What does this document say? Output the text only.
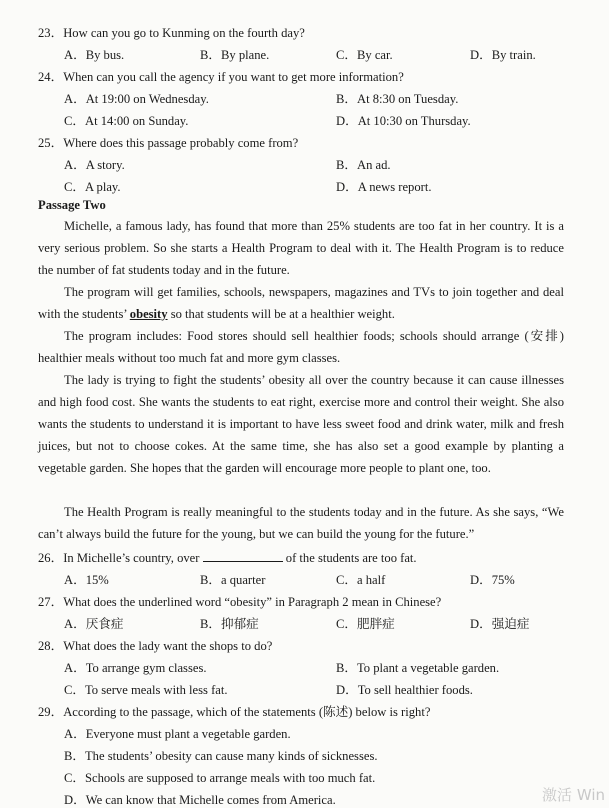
23．How can you go to Kunming on the fourth day?
A．By bus.	B．By plane.	C．By car.	D．By train.
24．When can you call the agency if you want to get more information?
A．At 19:00 on Wednesday.	B．At 8:30 on Tuesday.
C．At 14:00 on Sunday.	D．At 10:30 on Thursday.
25．Where does this passage probably come from?
A．A story.	B．An ad.
C．A play.	D．A news report.
Passage Two

Michelle, a famous lady, has found that more than 25% students are too fat in her country. It is a very serious problem. So she starts a Health Program to deal with it. The Health Program is to reduce the number of fat students today and in the future.

The program will get families, schools, newspapers, magazines and TVs to join together and deal with the students’ obesity so that students will be at a healthier weight.

The program includes: Food stores should sell healthier foods; schools should arrange (安排) healthier meals without too much fat and more gym classes.

The lady is trying to fight the students’ obesity all over the country because it can cause illnesses and high food cost. She wants the students to eat right, exercise more and control their weight. She also wants the students to understand it is important to have less sweet food and drink water, milk and fresh juices, but not to choose cokes. At the same time, she has also set a good example by planting a vegetable garden. She hopes that the garden will encourage more people to plant one, too.

The Health Program is really meaningful to the students today and in the future. As she says, “We can’t always build the future for the young, but we can build the young for the future.”

26．In Michelle’s country, over	of the students are too fat.
A．15%	B．a quarter	C．a half	D．75%
27．What does the underlined word “obesity” in Paragraph 2 mean in Chinese?
A．厌食症	B．抑郁症	C．肥胖症	D．强迫症
28．What does the lady want the shops to do?
A．To arrange gym classes.	B．To plant a vegetable garden.
C．To serve meals with less fat.	D．To sell healthier foods.
29．According to the passage, which of the statements (陈述) below is right?
A．Everyone must plant a vegetable garden.
B．The students’ obesity can cause many kinds of sicknesses.
C．Schools are supposed to arrange meals with too much fat.
D．We can know that Michelle comes from America.	激活 Win
